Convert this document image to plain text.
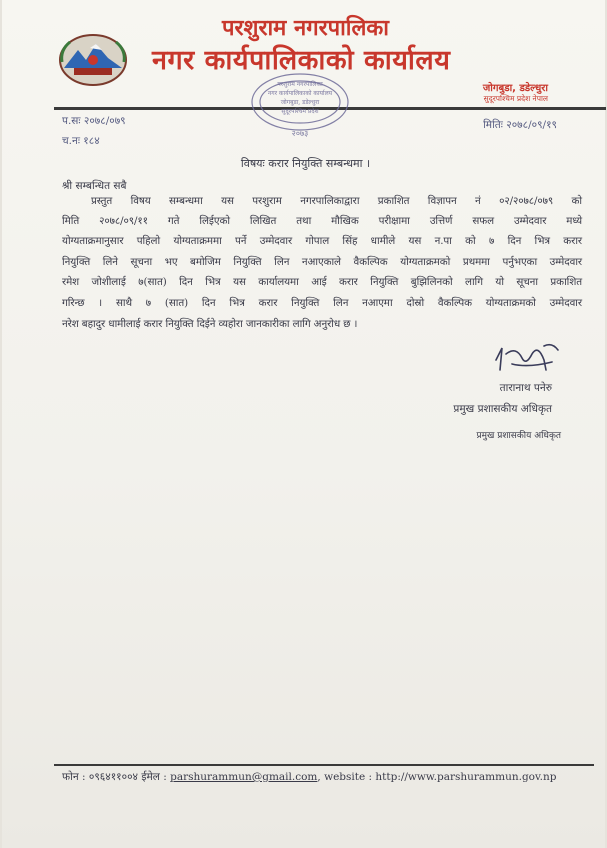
परशुराम नगरपालिका
नगर कार्यपालिकाको कार्यालय
जोगबुडा, डडेल्धुरा
सुदूरपश्चिम प्रदेश नेपाल
परशुराम नगरपालिका
नगर कार्यपालिकाको कार्यालय
जोगबुडा, डडेल्धुरा
सुदूरपश्चिम प्रदेश
२०७३
प.सः २०७८/०७९
च.नः १८४
मितिः २०७८/०९/१९
विषयः करार नियुक्ति सम्बन्धमा ।
श्री सम्बन्धित सबै
प्रस्तुत विषय सम्बन्धमा यस परशुराम नगरपालिकाद्वारा प्रकाशित विज्ञापन नं ०२/२०७८/०७९ को
मिति २०७८/०९/११ गते लिईएको लिखित तथा मौखिक परीक्षामा उत्तिर्ण सफल उम्मेदवार मध्ये
योग्यताक्रमानुसार पहिलो योग्यताक्रममा पर्ने उम्मेदवार गोपाल सिंह धामीले यस न.पा को ७ दिन भित्र करार
नियुक्ति लिने सूचना भए बमोजिम नियुक्ति लिन नआएकाले वैकल्पिक योग्यताक्रमको प्रथममा पर्नुभएका उम्मेदवार
रमेश जोशीलाई ७(सात) दिन भित्र यस कार्यालयमा आई करार नियुक्ति बुझिलिनको लागि यो सूचना प्रकाशित
गरिन्छ । साथै ७ (सात) दिन भित्र करार नियुक्ति लिन नआएमा दोस्रो वैकल्पिक योग्यताक्रमको उम्मेदवार
नरेश बहादुर धामीलाई करार नियुक्ति दिईने व्यहोरा जानकारीका लागि अनुरोध छ ।
तारानाथ पनेरु
प्रमुख प्रशासकीय अधिकृत
प्रमुख प्रशासकीय अधिकृत
फोन : ०९६४११००४ ईमेल : parshurammun@gmail.com, website : http://www.parshurammun.gov.np
